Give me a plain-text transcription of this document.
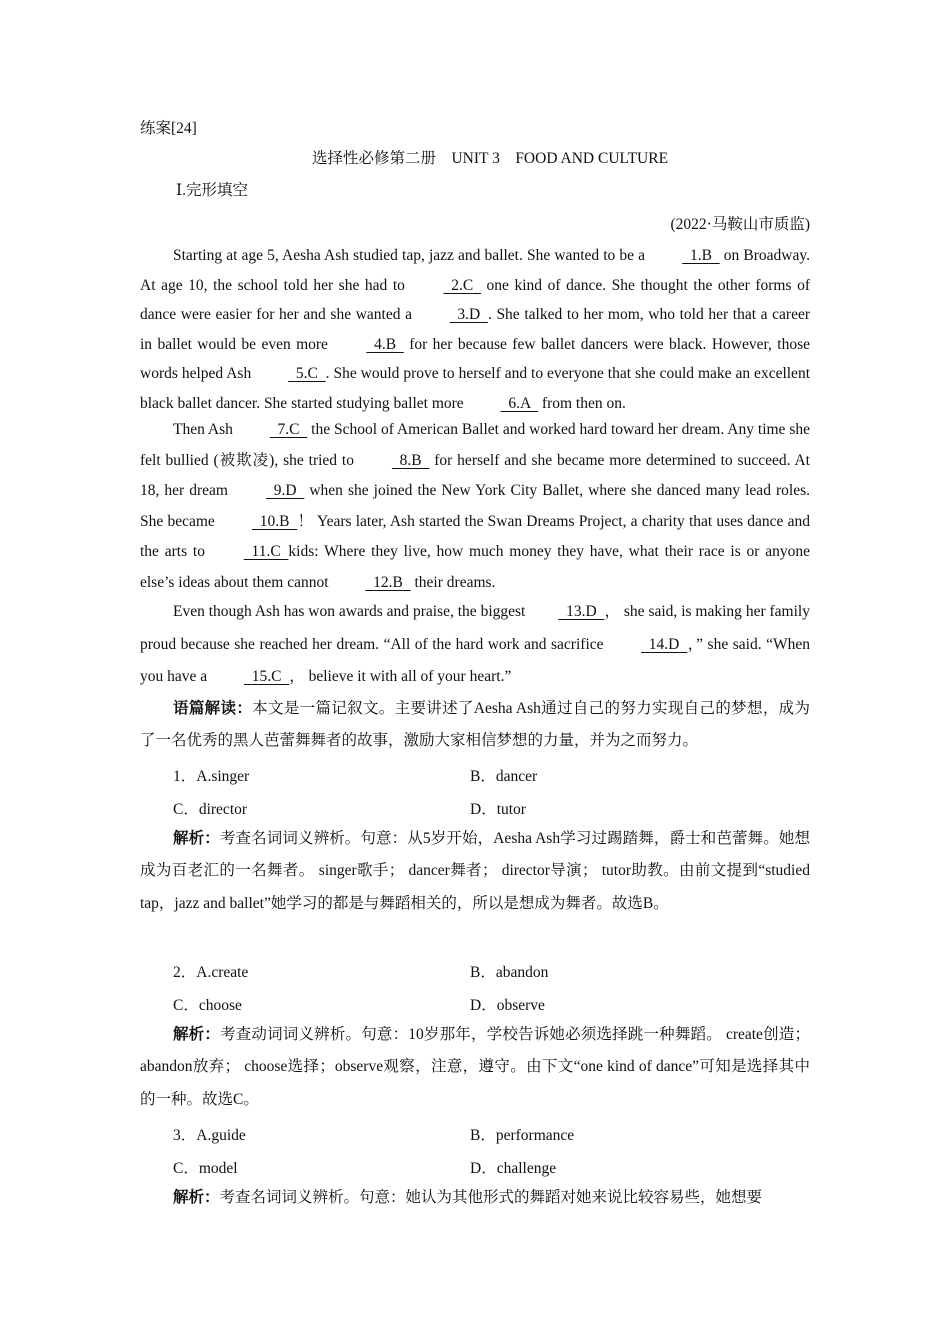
练案[24]
选择性必修第二册　UNIT 3　FOOD AND CULTURE
Ⅰ.完形填空
(2022·马鞍山市质监)

Starting at age 5, Aesha Ash studied tap, jazz and ballet. She wanted to be a	1.B   on Broadway. At age 10, the school told her she had to	2.C   one kind of dance. She thought the other forms of dance were easier for her and she wanted a	3.D . She talked to her mom, who told her that a career in ballet would be even more	4.B   for her because few ballet dancers were black. However, those words helped Ash	5.C . She would prove to herself and to everyone that she could make an excellent black ballet dancer. She started studying ballet more	6.A   from then on.

Then Ash	7.C   the School of American Ballet and worked hard toward her dream. Any time she felt bullied (被欺凌), she tried to	8.B   for herself and she became more determined to succeed. At 18, her dream	9.D   when she joined the New York City Ballet, where she danced many lead roles. She became	10.B ！ Years later, Ash started the Swan Dreams Project, a charity that uses dance and the arts to	11.C kids: Where they live, how much money they have, what their race is or anyone else’s ideas about them cannot	12.B   their dreams.

Even though Ash has won awards and praise, the biggest	13.D ， she said, is making her family proud because she reached her dream. “All of the hard work and sacrifice	14.D ，” she said. “When you have a	15.C ， believe it with all of your heart.”

语篇解读：本文是一篇记叙文。主要讲述了Aesha Ash通过自己的努力实现自己的梦想，成为了一名优秀的黑人芭蕾舞舞者的故事，激励大家相信梦想的力量，并为之而努力。

1．A.singer	B．dancer
C．director	D．tutor

解析：考查名词词义辨析。句意：从5岁开始，Aesha Ash学习过踢踏舞，爵士和芭蕾舞。她想成为百老汇的一名舞者。 singer歌手； dancer舞者； director导演； tutor助教。由前文提到“studied tap，jazz and ballet”她学习的都是与舞蹈相关的，所以是想成为舞者。故选B。

2．A.create	B．abandon
C．choose	D．observe

解析：考查动词词义辨析。句意：10岁那年，学校告诉她必须选择跳一种舞蹈。 create创造； abandon放弃； choose选择；observe观察，注意，遵守。由下文“one kind of dance”可知是选择其中的一种。故选C。

3．A.guide	B．performance
C．model	D．challenge

解析：考查名词词义辨析。句意：她认为其他形式的舞蹈对她来说比较容易些，她想要
